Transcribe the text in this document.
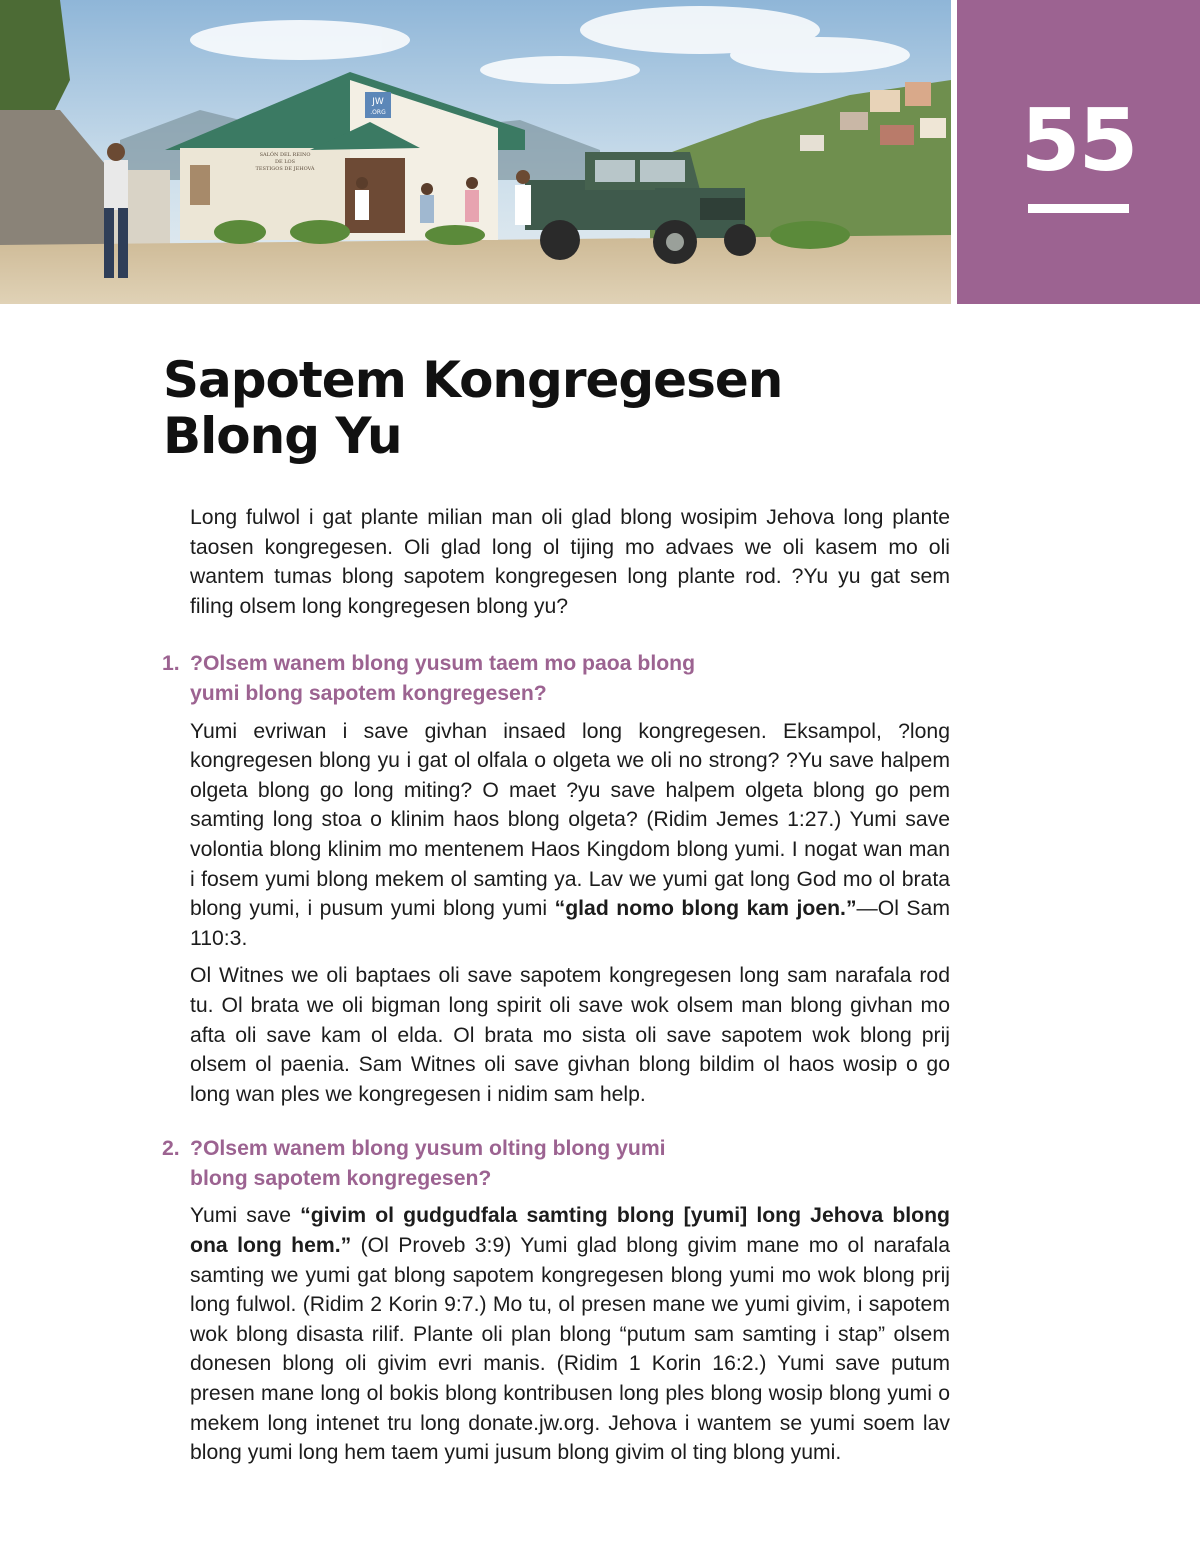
JW
.ORG
SALÓN DEL REINO
DE LOS
TESTIGOS DE JEHOVÁ	55
Sapotem Kongregesen
Blong Yu

Long fulwol i gat plante milian man oli glad blong wosipim Jehova long plante taosen kongregesen. Oli glad long ol tijing mo advaes we oli kasem mo oli wantem tumas blong sapotem kongregesen long plante rod. ?Yu yu gat sem filing olsem long kongregesen blong yu?

1. ?Olsem wanem blong yusum taem mo paoa blong
yumi blong sapotem kongregesen?

Yumi evriwan i save givhan insaed long kongregesen. Eksampol, ?long kongregesen blong yu i gat ol olfala o olgeta we oli no strong? ?Yu save halpem olgeta blong go long miting? O maet ?yu save halpem olgeta blong go pem samting long stoa o klinim haos blong olgeta? (Ridim Jemes 1:27.) Yumi save volontia blong klinim mo mentenem Haos Kingdom blong yumi. I nogat wan man i fosem yumi blong mekem ol samting ya. Lav we yumi gat long God mo ol brata blong yumi, i pusum yumi blong yumi “glad nomo blong kam joen.”—Ol Sam 110:3.

Ol Witnes we oli baptaes oli save sapotem kongregesen long sam narafala rod tu. Ol brata we oli bigman long spirit oli save wok olsem man blong givhan mo afta oli save kam ol elda. Ol brata mo sista oli save sapotem wok blong prij olsem ol paenia. Sam Witnes oli save givhan blong bildim ol haos wosip o go long wan ples we kongregesen i nidim sam help.

2. ?Olsem wanem blong yusum olting blong yumi
blong sapotem kongregesen?

Yumi save “givim ol gudgudfala samting blong [yumi] long Jehova blong ona long hem.” (Ol Proveb 3:9) Yumi glad blong givim mane mo ol narafala samting we yumi gat blong sapotem kongregesen blong yumi mo wok blong prij long fulwol. (Ridim 2 Korin 9:7.) Mo tu, ol presen mane we yumi givim, i sapotem wok blong disasta rilif. Plante oli plan blong “putum sam samting i stap” olsem donesen blong oli givim evri manis. (Ridim 1 Korin 16:2.) Yumi save putum presen mane long ol bokis blong kontribusen long ples blong wosip blong yumi o mekem long intenet tru long donate.jw.org. Jehova i wantem se yumi soem lav blong yumi long hem taem yumi jusum blong givim ol ting blong yumi.
